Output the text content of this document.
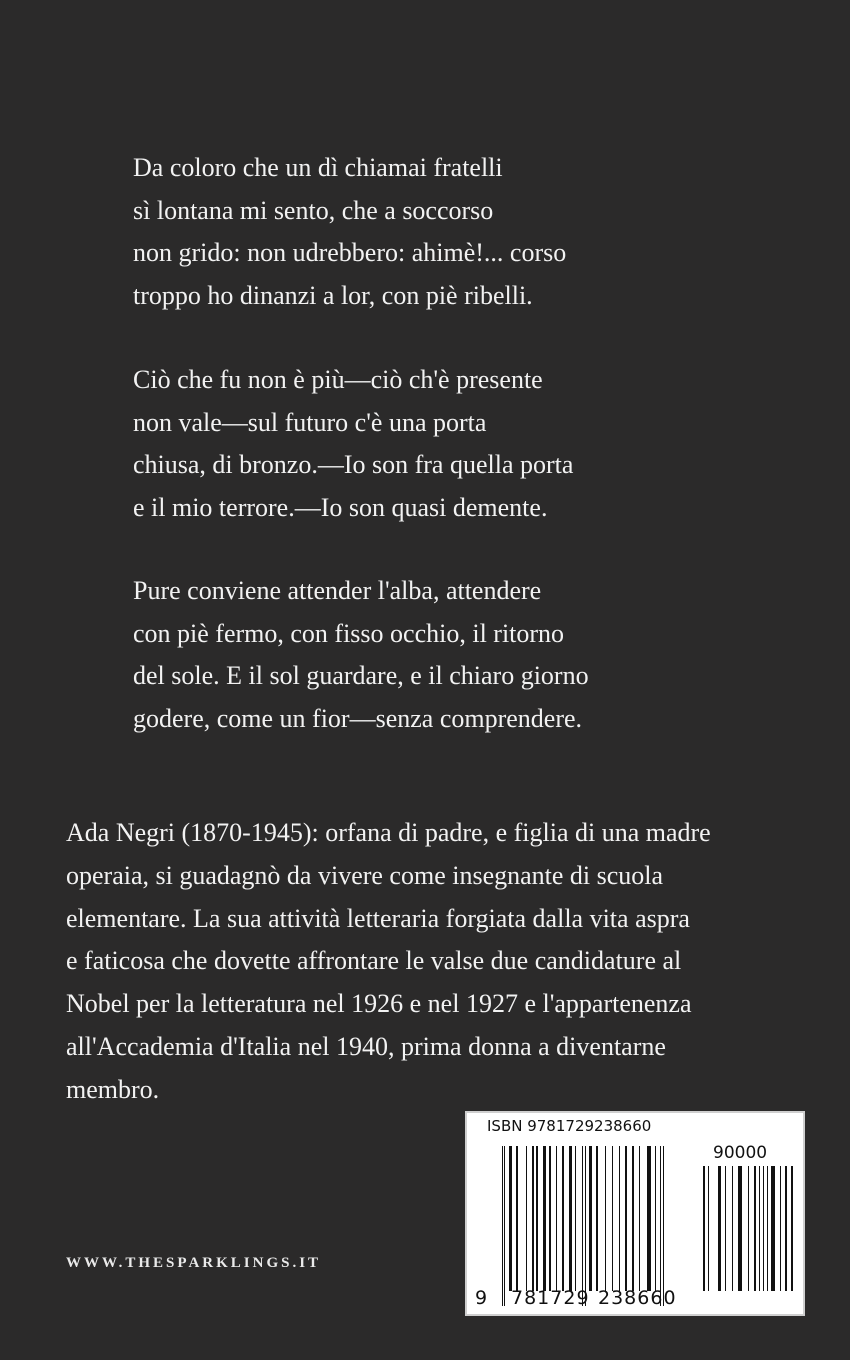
Da coloro che un dì chiamai fratelli
sì lontana mi sento, che a soccorso
non grido: non udrebbero: ahimè!... corso
troppo ho dinanzi a lor, con piè ribelli.
Ciò che fu non è più—ciò ch'è presente
non vale—sul futuro c'è una porta
chiusa, di bronzo.—Io son fra quella porta
e il mio terrore.—Io son quasi demente.
Pure conviene attender l'alba, attendere
con piè fermo, con fisso occhio, il ritorno
del sole. E il sol guardare, e il chiaro giorno
godere, come un fior—senza comprendere.
Ada Negri (1870-1945): orfana di padre, e figlia di una madre
operaia, si guadagnò da vivere come insegnante di scuola
elementare. La sua attività letteraria forgiata dalla vita aspra
e faticosa che dovette affrontare le valse due candidature al
Nobel per la letteratura nel 1926 e nel 1927 e l'appartenenza
all'Accademia d'Italia nel 1940, prima donna a diventarne
membro.
WWW.THESPARKLINGS.IT
ISBN 9781729238660
90000
9 781729 238660
